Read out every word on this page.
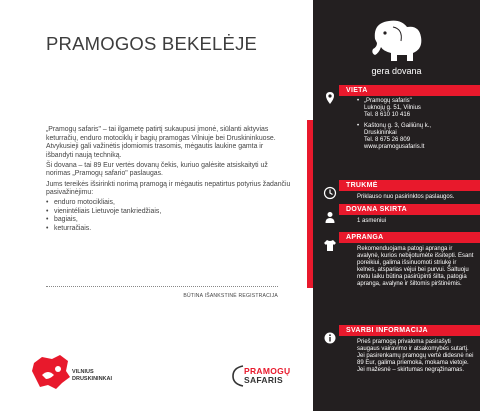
PRAMOGOS BEKELĖJE

„Pramogų safaris" – tai ilgametę patirtį sukaupusi įmonė, siūlanti aktyvias keturračių, enduro motociklų ir bagių pramogas Vilniuje bei Druskininkuose. Atvykusieji gali važinėtis įdomiomis trasomis, mėgautis laukine gamta ir išbandyti naują techniką.

Ši dovana – tai 89 Eur vertės dovanų čekis, kuriuo galėsite atsiskaityti už norimas „Pramogų safario" paslaugas.

Jums tereikės išsirinkti norimą pramogą ir mėgautis nepatirtus potyrius žadančiu pasivažinėjimu:

• enduro motocikliais,
• vienintéliais Lietuvoje tankriedžiais,
• bagiais,
• keturračiais.
BŪTINA IŠANKSTINĖ REGISTRACIJA
VILNIUS
DRUSKININKAI
PRAMOGŲ
SAFARIS
gera dovana
VIETA
• „Pramogų safaris"
Luknojų g. 51, Vilnius
Tel. 8 610 10 416
• Kaštonų g. 3, Gailiūnų k.,
Druskininkai
Tel. 8 675 26 809
www.pramogusafaris.lt
TRUKMĖ
Priklauso nuo pasirinktos paslaugos.
DOVANA SKIRTA
1 asmeniui
APRANGA
Rekomenduojama patogi apranga ir avalynė, kurios nebijotumėte išsitepti. Esant poreikiui, galima išsinuomoti striukę ir kelnes, atsparias vėjui bei purvui. Šaltuoju metu laiku būtina pasirūpinti šilta, patogia apranga, avalyne ir šiltomis pirštinėmis.
SVARBI INFORMACIJA
Prieš pramogą privaloma pasirašyti saugaus vairavimo ir atsakomybės sutartį. Jei pasirenkamų pramogų vertė didesnė nei 89 Eur, galima priemoka, mokama vietoje. Jei mažesnė – skirtumas negrąžinamas.
